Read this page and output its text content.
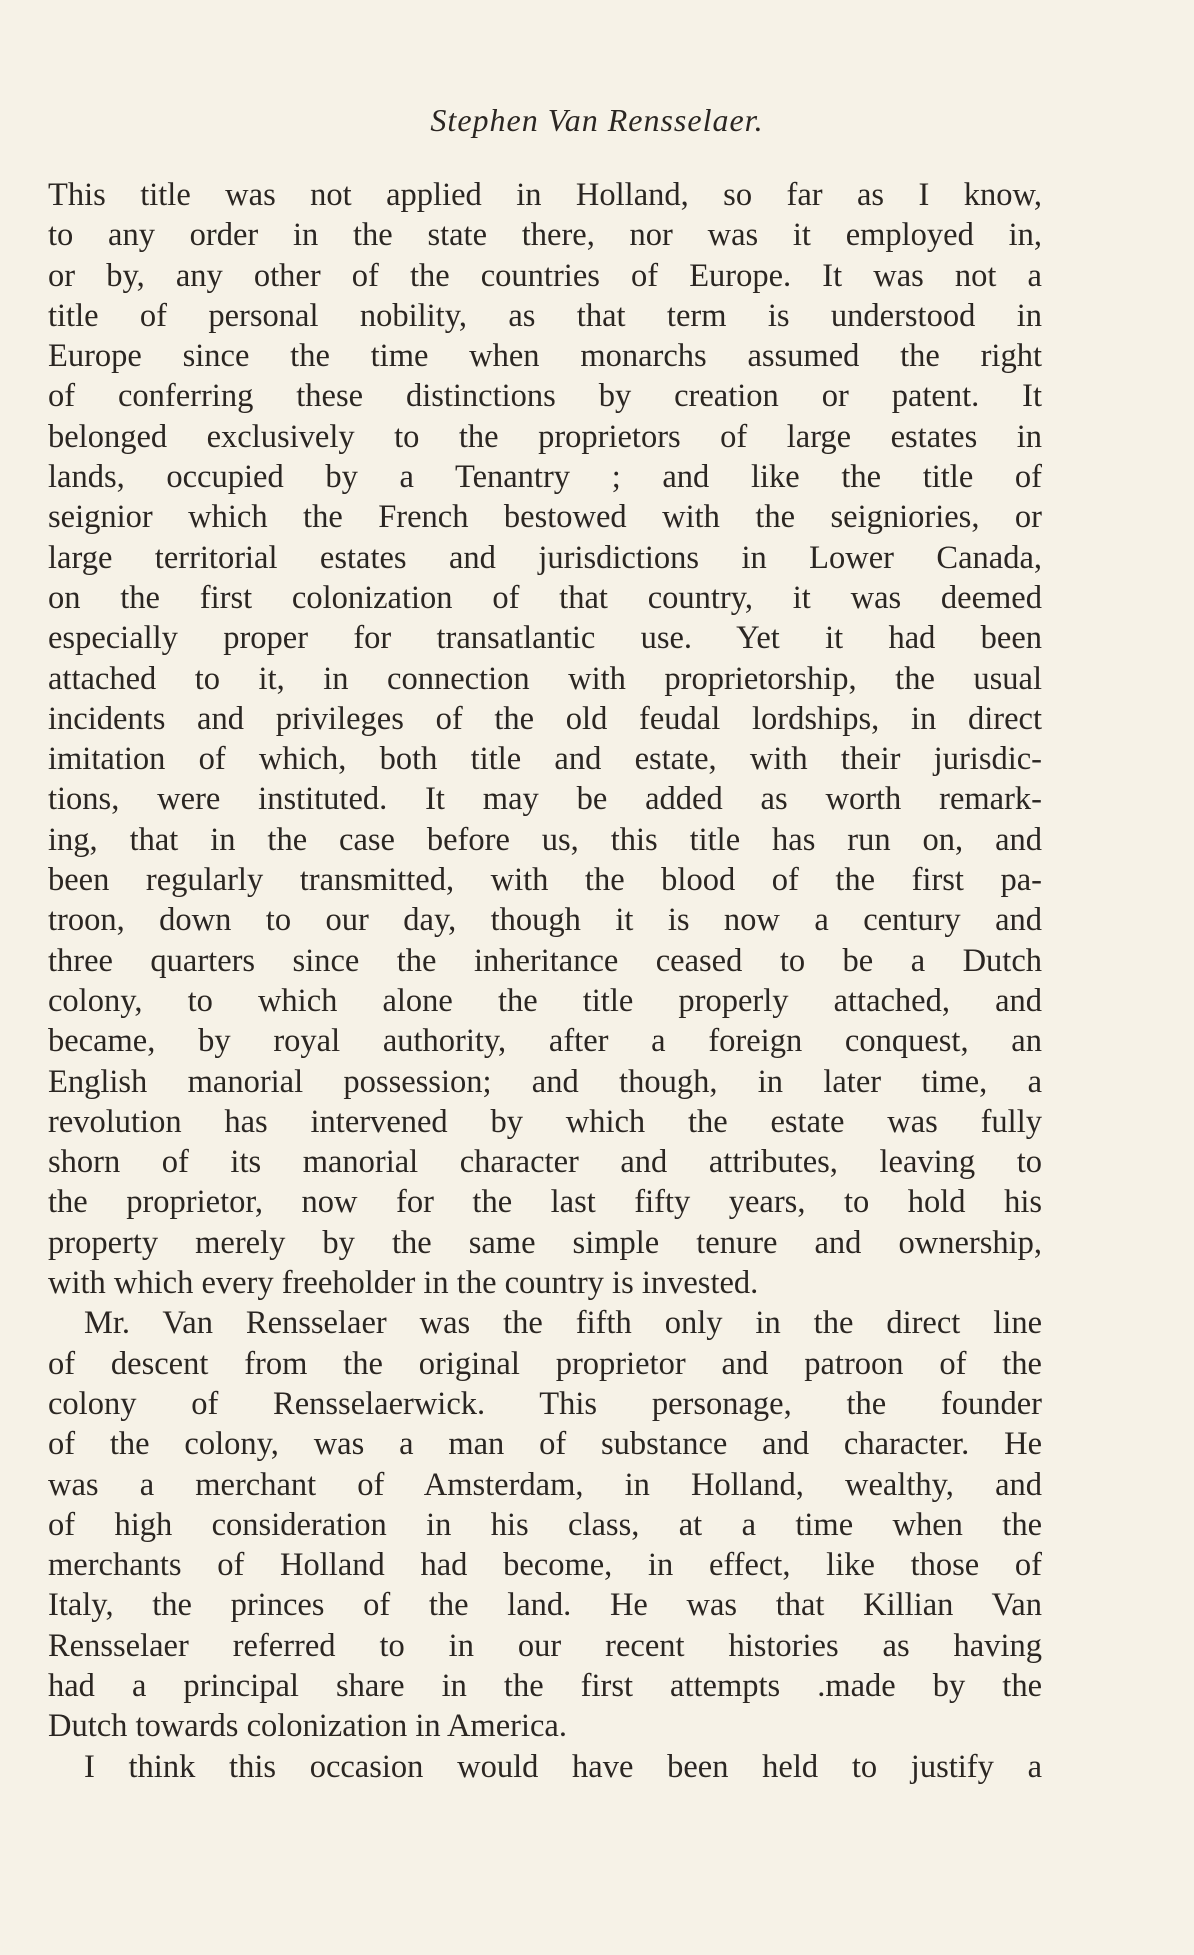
Stephen Van Rensselaer.
This title was not applied in Holland, so far as I know,
to any order in the state there, nor was it employed in,
or by, any other of the countries of Europe. It was not a
title of personal nobility, as that term is understood in
Europe since the time when monarchs assumed the right
of conferring these distinctions by creation or patent. It
belonged exclusively to the proprietors of large estates in
lands, occupied by a Tenantry ; and like the title of
seignior which the French bestowed with the seigniories, or
large territorial estates and jurisdictions in Lower Canada,
on the first colonization of that country, it was deemed
especially proper for transatlantic use. Yet it had been
attached to it, in connection with proprietorship, the usual
incidents and privileges of the old feudal lordships, in direct
imitation of which, both title and estate, with their jurisdic-
tions, were instituted. It may be added as worth remark-
ing, that in the case before us, this title has run on, and
been regularly transmitted, with the blood of the first pa-
troon, down to our day, though it is now a century and
three quarters since the inheritance ceased to be a Dutch
colony, to which alone the title properly attached, and
became, by royal authority, after a foreign conquest, an
English manorial possession; and though, in later time, a
revolution has intervened by which the estate was fully
shorn of its manorial character and attributes, leaving to
the proprietor, now for the last fifty years, to hold his
property merely by the same simple tenure and ownership,
with which every freeholder in the country is invested.
Mr. Van Rensselaer was the fifth only in the direct line
of descent from the original proprietor and patroon of the
colony of Rensselaerwick. This personage, the founder
of the colony, was a man of substance and character. He
was a merchant of Amsterdam, in Holland, wealthy, and
of high consideration in his class, at a time when the
merchants of Holland had become, in effect, like those of
Italy, the princes of the land. He was that Killian Van
Rensselaer referred to in our recent histories as having
had a principal share in the first attempts .made by the
Dutch towards colonization in America.
I think this occasion would have been held to justify a
